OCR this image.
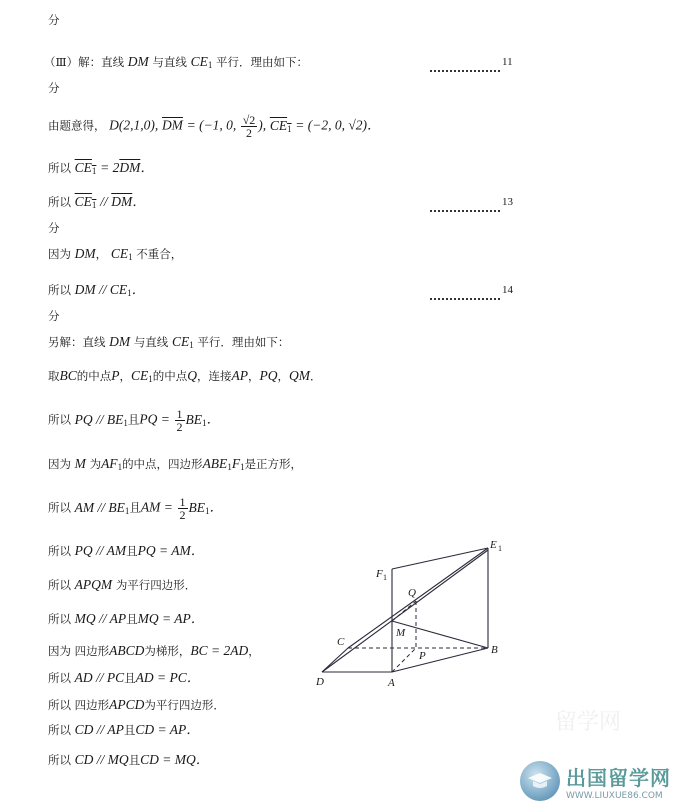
分
（Ⅲ）解：直线 DM 与直线 $CE_1$ 平行．理由如下：	11
分
由题意得， D(2,1,0), $\overline{DM} = (-1$, 0, $\frac{√2}{2}$ ), $CE_1 = (-2$, 0, √2)．
所以 $CE_1 = 2\overline{DM}$．
所以 $CE_1 // \overline{DM}$．	13
分
因为 DM， $CE_1$ 不重合，
所以 DM // $CE_1$．	14
分
另解：直线 DM 与直线 $CE_1$ 平行．理由如下：
取BC的中点P，$CE_1$的中点Q，连接AP，PQ，QM．
所以 PQ // $BE_1$且PQ = $\frac{1}{2} BE_1$．
因为 M 为$AF_1$的中点，四边形$ABE_1F_1$是正方形，
所以 AM // $BE_1$且AM = $\frac{1}{2} BE_1$．
所以 PQ // AM且PQ = AM．
所以 APQM 为平行四边形．
所以 MQ // AP且MQ = AP．
因为 四边形ABCD为梯形，BC = 2AD，
所以 AD // PC且AD = PC．
所以 四边形APCD为平行四边形．
所以 CD // AP且CD = AP．
所以 CD // MQ且CD = MQ．
E 1
F 1
Q
M
C
B
P
D	A
留学网
出国留学网
WWW.LIUXUE86.COM
